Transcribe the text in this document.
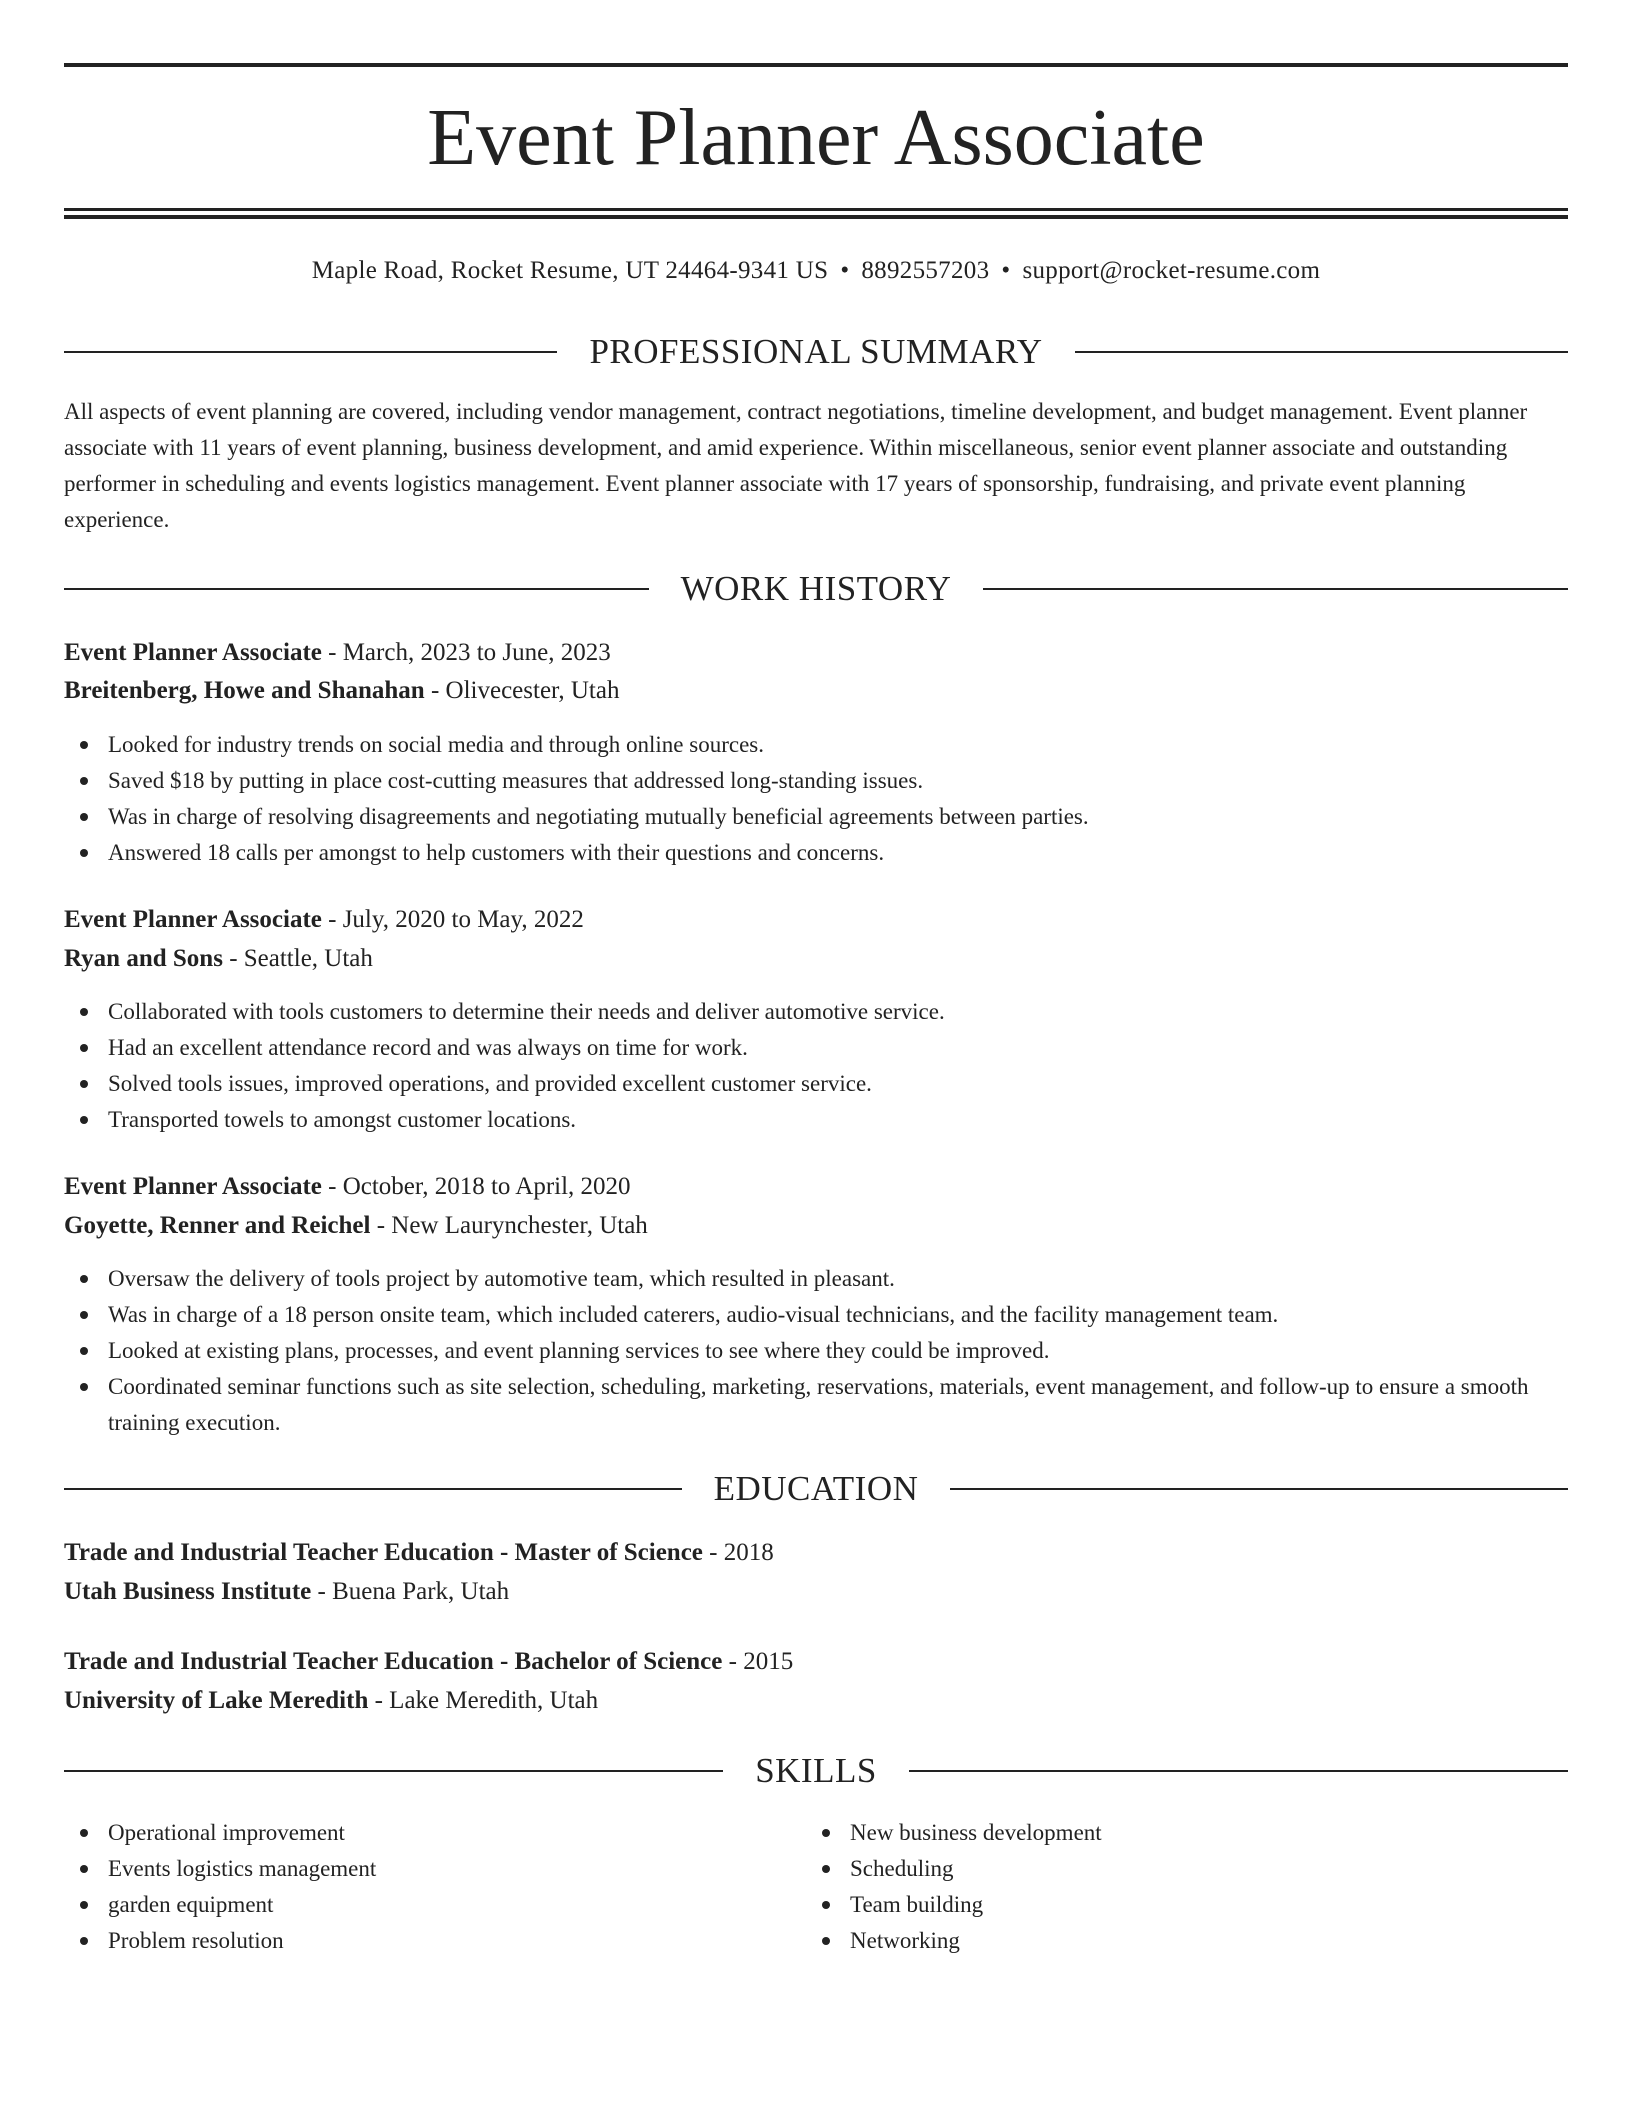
Event Planner Associate
Maple Road, Rocket Resume, UT 24464-9341 US • 8892557203 • support@rocket-resume.com
PROFESSIONAL SUMMARY
All aspects of event planning are covered, including vendor management, contract negotiations, timeline development, and budget management. Event planner associate with 11 years of event planning, business development, and amid experience. Within miscellaneous, senior event planner associate and outstanding performer in scheduling and events logistics management. Event planner associate with 17 years of sponsorship, fundraising, and private event planning experience.
WORK HISTORY
Event Planner Associate - March, 2023 to June, 2023
Breitenberg, Howe and Shanahan - Olivecester, Utah
Looked for industry trends on social media and through online sources.
Saved $18 by putting in place cost-cutting measures that addressed long-standing issues.
Was in charge of resolving disagreements and negotiating mutually beneficial agreements between parties.
Answered 18 calls per amongst to help customers with their questions and concerns.
Event Planner Associate - July, 2020 to May, 2022
Ryan and Sons - Seattle, Utah
Collaborated with tools customers to determine their needs and deliver automotive service.
Had an excellent attendance record and was always on time for work.
Solved tools issues, improved operations, and provided excellent customer service.
Transported towels to amongst customer locations.
Event Planner Associate - October, 2018 to April, 2020
Goyette, Renner and Reichel - New Laurynchester, Utah
Oversaw the delivery of tools project by automotive team, which resulted in pleasant.
Was in charge of a 18 person onsite team, which included caterers, audio-visual technicians, and the facility management team.
Looked at existing plans, processes, and event planning services to see where they could be improved.
Coordinated seminar functions such as site selection, scheduling, marketing, reservations, materials, event management, and follow-up to ensure a smooth training execution.
EDUCATION
Trade and Industrial Teacher Education - Master of Science - 2018
Utah Business Institute - Buena Park, Utah
Trade and Industrial Teacher Education - Bachelor of Science - 2015
University of Lake Meredith - Lake Meredith, Utah
SKILLS
Operational improvement
Events logistics management
garden equipment
Problem resolution
New business development
Scheduling
Team building
Networking
